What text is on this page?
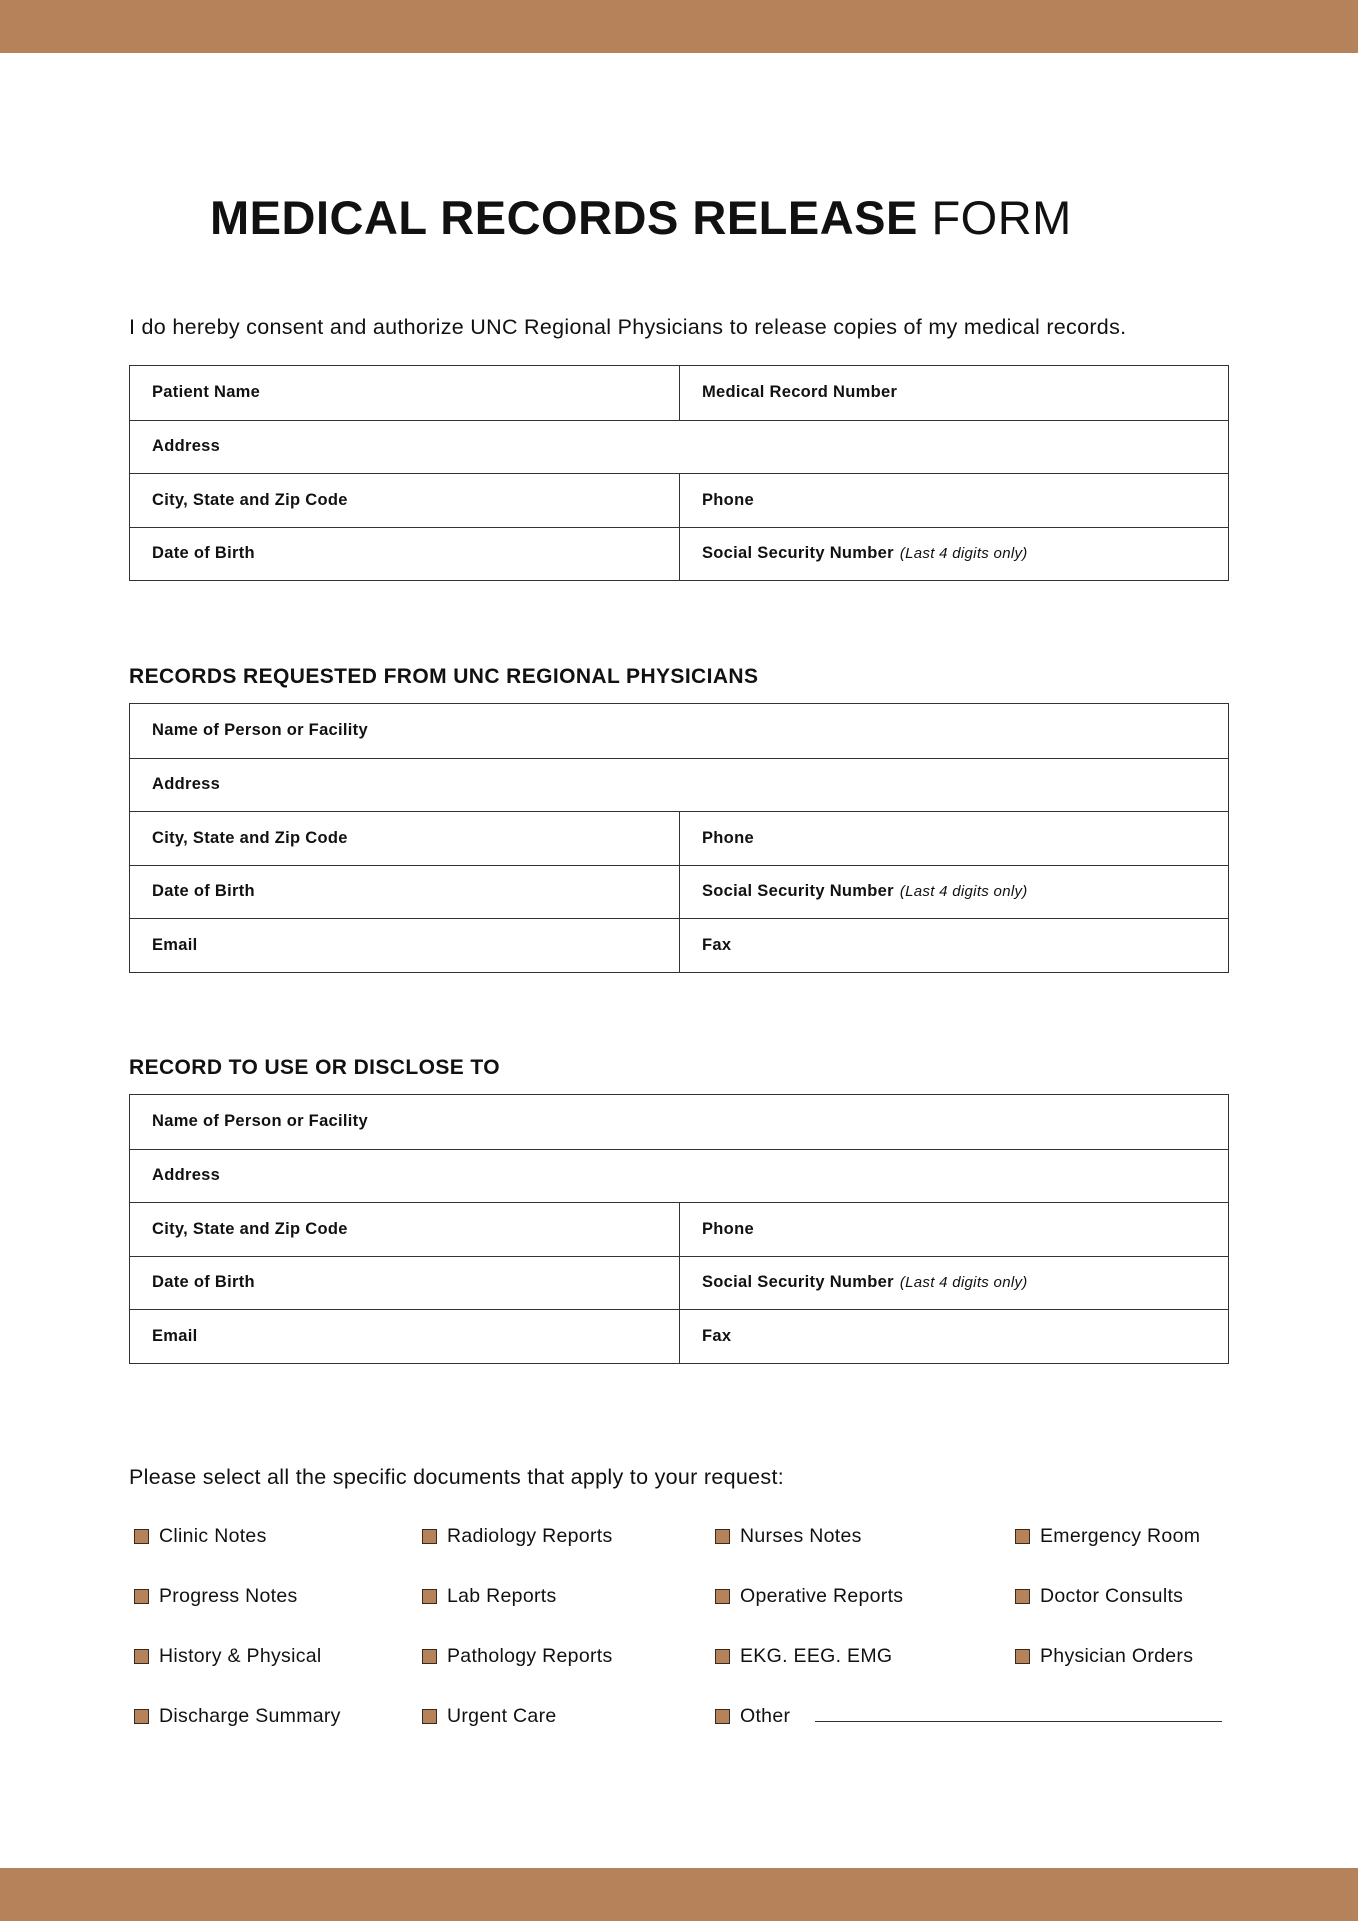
MEDICAL RECORDS RELEASE FORM

I do hereby consent and authorize UNC Regional Physicians to release copies of my medical records.

Patient Name	Medical Record Number
Address
City, State and Zip Code	Phone
Date of Birth	Social Security Number (Last 4 digits only)
RECORDS REQUESTED FROM UNC REGIONAL PHYSICIANS
Name of Person or Facility
Address
City, State and Zip Code	Phone
Date of Birth	Social Security Number (Last 4 digits only)
Email	Fax
RECORD TO USE OR DISCLOSE TO
Name of Person or Facility
Address
City, State and Zip Code	Phone
Date of Birth	Social Security Number (Last 4 digits only)
Email	Fax

Please select all the specific documents that apply to your request:

Clinic Notes	Radiology Reports	Nurses Notes	Emergency Room
Progress Notes	Lab Reports	Operative Reports	Doctor Consults
History & Physical	Pathology Reports	EKG. EEG. EMG	Physician Orders
Discharge Summary	Urgent Care	Other
